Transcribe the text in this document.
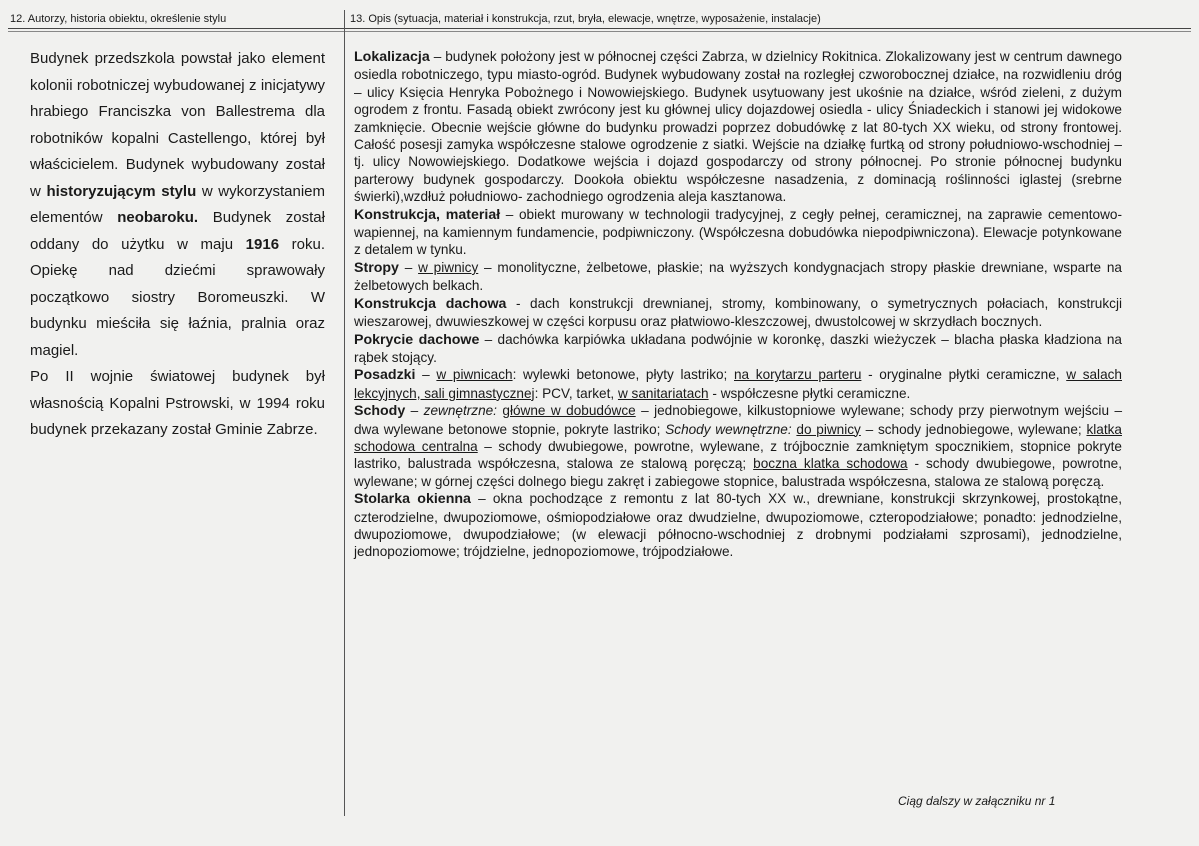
12. Autorzy, historia obiektu, określenie stylu	13. Opis (sytuacja, materiał i konstrukcja, rzut, bryła, elewacje, wnętrze, wyposażenie, instalacje)

Budynek przedszkola powstał jako element kolonii robotniczej wybudowanej z inicjatywy hrabiego Franciszka von Ballestrema dla robotników kopalni Castellengo, której był właścicielem. Budynek wybudowany został w historyzującym stylu w wykorzystaniem elementów neobaroku. Budynek został oddany do użytku w maju 1916 roku. Opiekę nad dziećmi sprawowały początkowo siostry Boromeuszki. W budynku mieściła się łaźnia, pralnia oraz magiel.

Po II wojnie światowej budynek był własnością Kopalni Pstrowski, w 1994 roku budynek przekazany został Gminie Zabrze.

Lokalizacja – budynek położony jest w północnej części Zabrza, w dzielnicy Rokitnica. Zlokalizowany jest w centrum dawnego osiedla robotniczego, typu miasto-ogród. Budynek wybudowany został na rozległej czworobocznej działce, na rozwidleniu dróg – ulicy Księcia Henryka Pobożnego i Nowowiejskiego. Budynek usytuowany jest ukośnie na działce, wśród zieleni, z dużym ogrodem z frontu. Fasadą obiekt zwrócony jest ku głównej ulicy dojazdowej osiedla - ulicy Śniadeckich i stanowi jej widokowe zamknięcie. Obecnie wejście główne do budynku prowadzi poprzez dobudówkę z lat 80-tych XX wieku, od strony frontowej. Całość posesji zamyka współczesne stalowe ogrodzenie z siatki. Wejście na działkę furtką od strony południowo-wschodniej – tj. ulicy Nowowiejskiego. Dodatkowe wejścia i dojazd gospodarczy od strony północnej. Po stronie północnej budynku parterowy budynek gospodarczy. Dookoła obiektu współczesne nasadzenia, z dominacją roślinności iglastej (srebrne świerki),wzdłuż południowo- zachodniego ogrodzenia aleja kasztanowa.

Konstrukcja, materiał – obiekt murowany w technologii tradycyjnej, z cegły pełnej, ceramicznej, na zaprawie cementowo-wapiennej, na kamiennym fundamencie, podpiwniczony. (Współczesna dobudówka niepodpiwniczona). Elewacje potynkowane z detalem w tynku.

Stropy – w piwnicy – monolityczne, żelbetowe, płaskie; na wyższych kondygnacjach stropy płaskie drewniane, wsparte na żelbetowych belkach.

Konstrukcja dachowa - dach konstrukcji drewnianej, stromy, kombinowany, o symetrycznych połaciach, konstrukcji wieszarowej, dwuwieszkowej w części korpusu oraz płatwiowo-kleszczowej, dwustolcowej w skrzydłach bocznych.

Pokrycie dachowe – dachówka karpiówka układana podwójnie w koronkę, daszki wieżyczek – blacha płaska kładziona na rąbek stojący.

Posadzki – w piwnicach: wylewki betonowe, płyty lastriko; na korytarzu parteru - oryginalne płytki ceramiczne, w salach lekcyjnych, sali gimnastycznej: PCV, tarket, w sanitariatach - współczesne płytki ceramiczne.

Schody – zewnętrzne: główne w dobudówce – jednobiegowe, kilkustopniowe wylewane; schody przy pierwotnym wejściu – dwa wylewane betonowe stopnie, pokryte lastriko; Schody wewnętrzne: do piwnicy – schody jednobiegowe, wylewane; klatka schodowa centralna – schody dwubiegowe, powrotne, wylewane, z trójbocznie zamkniętym spocznikiem, stopnice pokryte lastriko, balustrada współczesna, stalowa ze stalową poręczą; boczna klatka schodowa - schody dwubiegowe, powrotne, wylewane; w górnej części dolnego biegu zakręt i zabiegowe stopnice, balustrada współczesna, stalowa ze stalową poręczą.

Stolarka okienna – okna pochodzące z remontu z lat 80-tych XX w., drewniane, konstrukcji skrzynkowej, prostokątne, czterodzielne, dwupoziomowe, ośmiopodziałowe oraz dwudzielne, dwupoziomowe, czteropodziałowe; ponadto: jednodzielne, dwupoziomowe, dwupodziałowe; (w elewacji północno-wschodniej z drobnymi podziałami szprosami), jednodzielne, jednopoziomowe; trójdzielne, jednopoziomowe, trójpodziałowe.

Ciąg dalszy w załączniku nr 1
